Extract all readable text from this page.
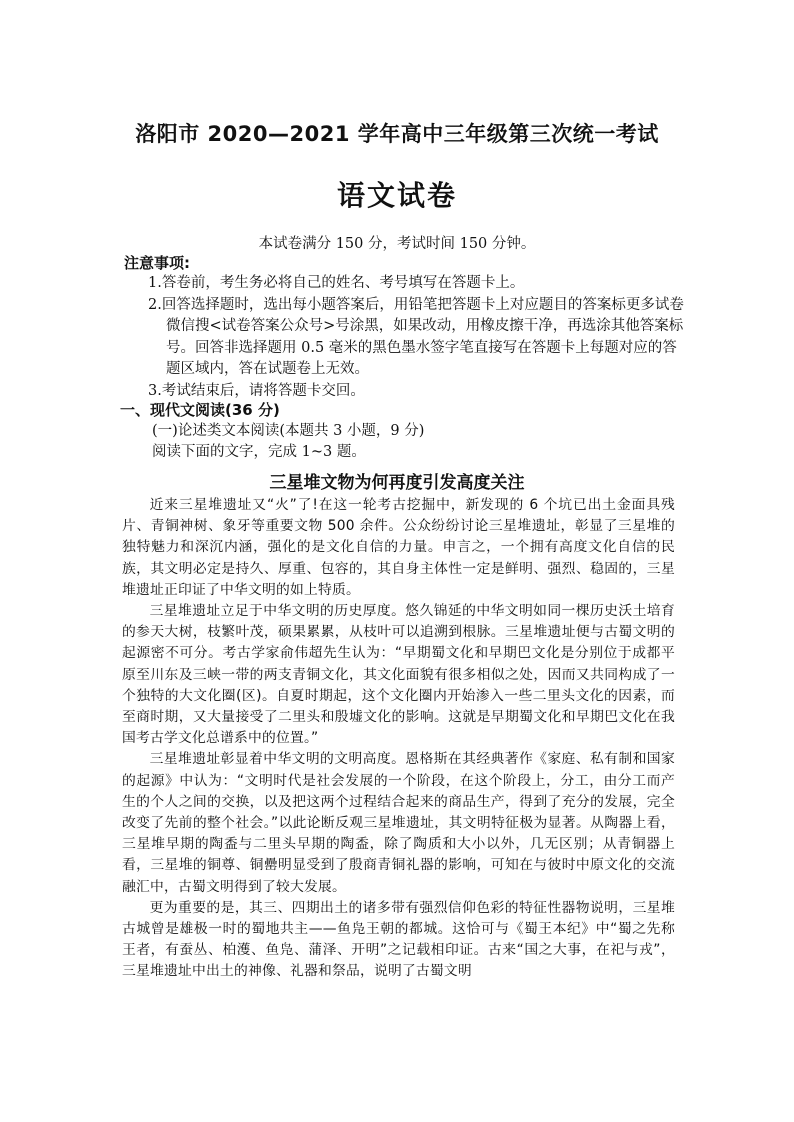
洛阳市 2020—2021 学年高中三年级第三次统一考试
语文试卷
本试卷满分 150 分，考试时间 150 分钟。
注意事项:

1.答卷前，考生务必将自己的姓名、考号填写在答题卡上。

2.回答选择题时，选出每小题答案后，用铅笔把答题卡上对应题目的答案标更多试卷微信搜<试卷答案公众号>号涂黑，如果改动，用橡皮擦干净，再选涂其他答案标号。回答非选择题用 0.5 毫米的黑色墨水签字笔直接写在答题卡上每题对应的答题区域内，答在试题卷上无效。

3.考试结束后，请将答题卡交回。

一、现代文阅读(36 分)
(一)论述类文本阅读(本题共 3 小题，9 分)
阅读下面的文字，完成 1~3 题。
三星堆文物为何再度引发高度关注

近来三星堆遗址又“火”了!在这一轮考古挖掘中，新发现的 6 个坑已出土金面具残片、青铜神树、象牙等重要文物 500 余件。公众纷纷讨论三星堆遗址，彰显了三星堆的独特魅力和深沉内涵，强化的是文化自信的力量。申言之，一个拥有高度文化自信的民族，其文明必定是持久、厚重、包容的，其自身主体性一定是鲜明、强烈、稳固的，三星堆遗址正印证了中华文明的如上特质。

三星堆遗址立足于中华文明的历史厚度。悠久锦延的中华文明如同一棵历史沃土培育的参天大树，枝繁叶茂，硕果累累，从枝叶可以追溯到根脉。三星堆遗址便与古蜀文明的起源密不可分。考古学家俞伟超先生认为：“早期蜀文化和早期巴文化是分别位于成都平原至川东及三峡一带的两支青铜文化，其文化面貌有很多相似之处，因而又共同构成了一个独特的大文化圈(区)。自夏时期起，这个文化圈内开始渗入一些二里头文化的因素，而至商时期，又大量接受了二里头和殷墟文化的影响。这就是早期蜀文化和早期巴文化在我国考古学文化总谱系中的位置。”

三星堆遗址彰显着中华文明的文明高度。恩格斯在其经典著作《家庭、私有制和国家的起源》中认为：“文明时代是社会发展的一个阶段，在这个阶段上，分工，由分工而产生的个人之间的交换，以及把这两个过程结合起来的商品生产，得到了充分的发展，完全改变了先前的整个社会。”以此论断反观三星堆遗址，其文明特征极为显著。从陶器上看，三星堆早期的陶盉与二里头早期的陶盉，除了陶质和大小以外，几无区别；从青铜器上看，三星堆的铜尊、铜罍明显受到了殷商青铜礼器的影响，可知在与彼时中原文化的交流融汇中，古蜀文明得到了较大发展。

更为重要的是，其三、四期出土的诸多带有强烈信仰色彩的特征性器物说明，三星堆古城曾是雄极一时的蜀地共主——鱼凫王朝的都城。这恰可与《蜀王本纪》中“蜀之先称王者，有蚕丛、柏濩、鱼凫、蒲泽、开明”之记载相印证。古来“国之大事，在祀与戎”，三星堆遗址中出土的神像、礼器和祭品，说明了古蜀文明
